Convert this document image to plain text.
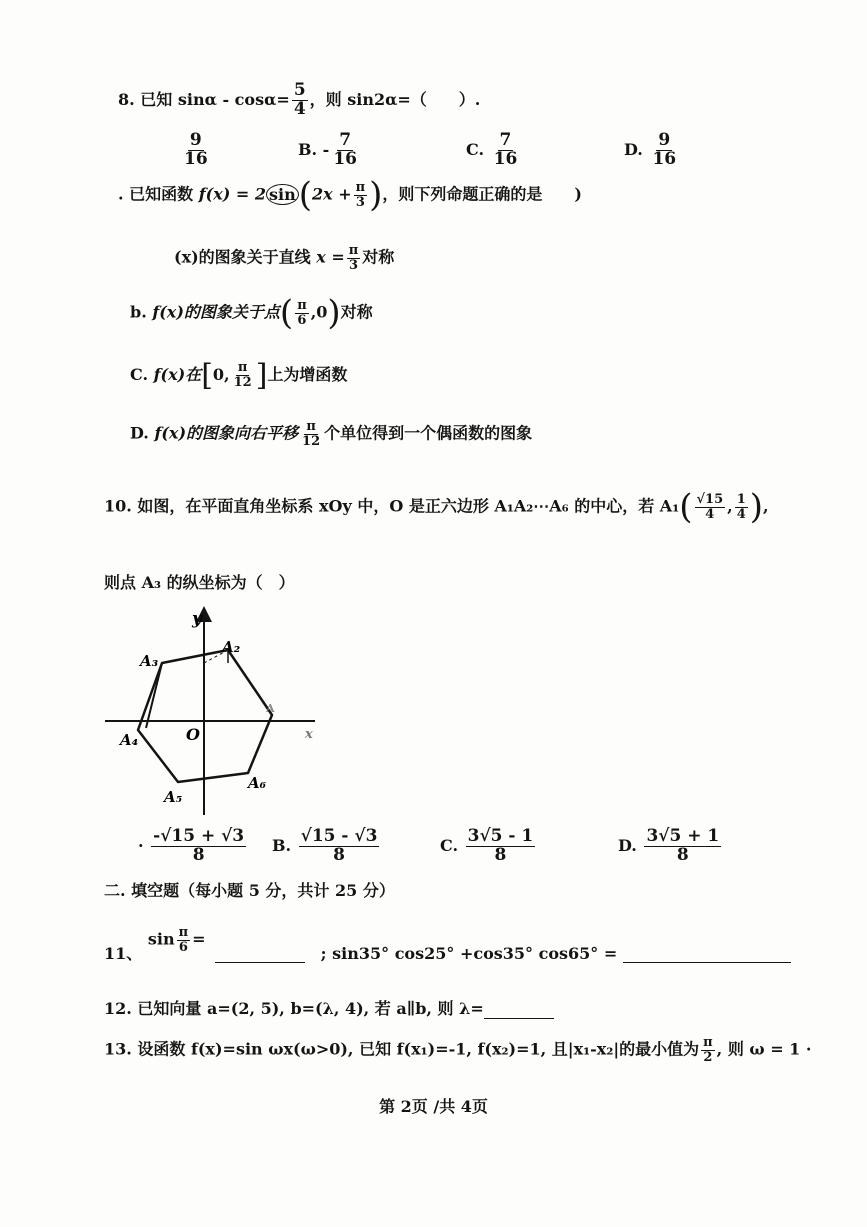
8. 已知 $\sin\alpha - \cos\alpha= \frac{5}{4}$ ，则 sin2α=（　　）.
$\frac{9}{16}$	B. - $\frac{7}{16}$	C. $\frac{7}{16}$	D. $\frac{9}{16}$
. 已知函数 f(x) = 2 $\sin(2x + \frac{\pi}{3}$ )，则下列命题正确的是　　)
(x)的图象关于直线 $x = \frac{\pi}{3}$ 对称
b. f(x)的图象关于点( $\frac{\pi}{6} ,0$)对称
C. f(x)在[0, $\frac{\pi}{12}$ ]上为增函数
D. f(x)的图象向右平移 $\frac{\pi}{12}$ 个单位得到一个偶函数的图象
10. 如图，在平面直角坐标系 xOy 中，O 是正六边形 A₁A₂⋯A₆ 的中心，若 $A_1( \frac{√15}{4}$ , $\frac{1}{4}$ ),
则点 A₃ 的纵坐标为（　）
y
x
O
A
A₂
A₃
A₄
A₅
A₆
· $\frac{-√15 + √3}{8} B$. $\frac{√15 - √3}{8}$	C. $\frac{3√5 - 1}{8}$	D. $\frac{3√5 + 1}{8}$
二. 填空题（每小题 5 分，共计 25 分）
11、 $\sin \frac{\pi}{6}$ =  ; sin35° cos25° +cos35° cos65° =
12. 已知向量 a=(2, 5), b=(λ, 4), 若 a∥b, 则 λ=
13. 设函数 f(x)=sin ωx(ω>0), 已知 f(x₁)=-1, f(x₂)=1, 且|x₁-x₂|的最小值为 $\frac{\pi}{2}$ , 则 ω = 1 ·
第 2页 /共 4页
